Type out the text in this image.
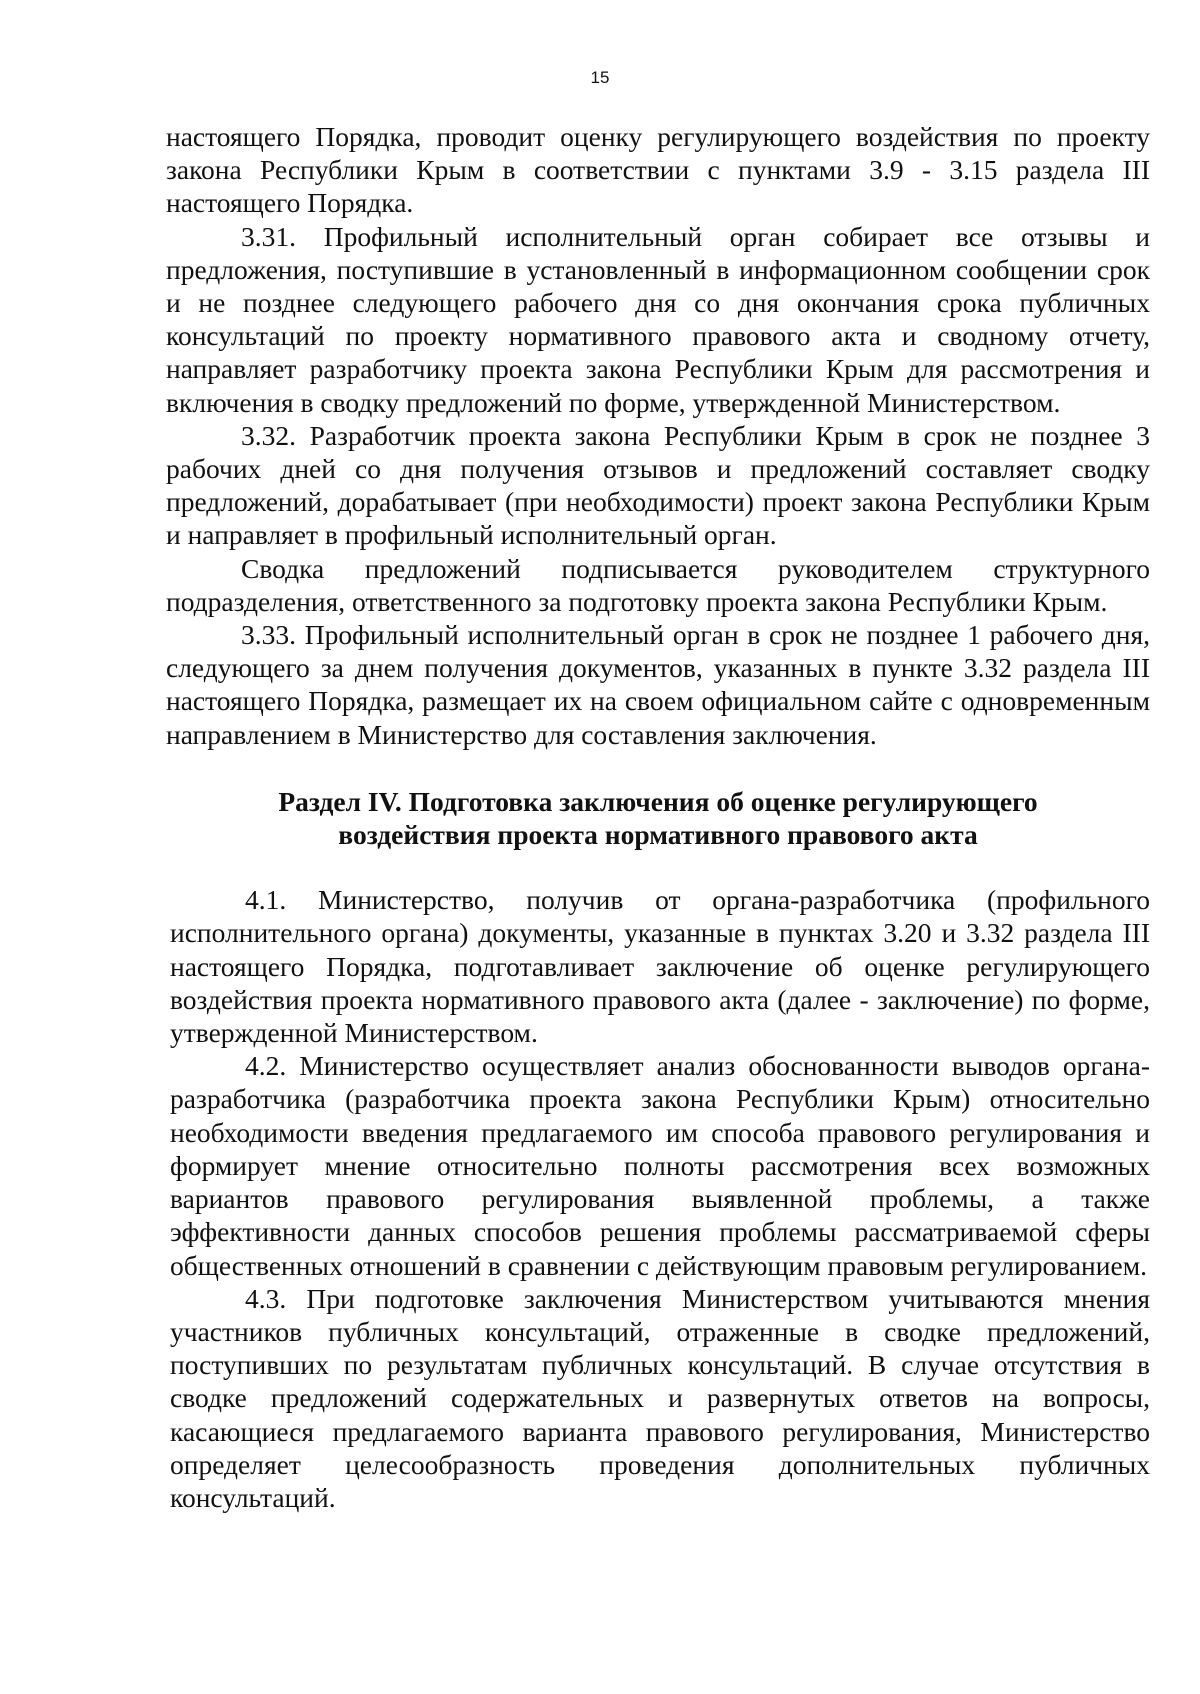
15

настоящего Порядка, проводит оценку регулирующего воздействия по проекту закона Республики Крым в соответствии с пунктами 3.9 - 3.15 раздела III настоящего Порядка.

3.31. Профильный исполнительный орган собирает все отзывы и предложения, поступившие в установленный в информационном сообщении срок и не позднее следующего рабочего дня со дня окончания срока публичных консультаций по проекту нормативного правового акта и сводному отчету, направляет разработчику проекта закона Республики Крым для рассмотрения и включения в сводку предложений по форме, утвержденной Министерством.

3.32. Разработчик проекта закона Республики Крым в срок не позднее 3 рабочих дней со дня получения отзывов и предложений составляет сводку предложений, дорабатывает (при необходимости) проект закона Республики Крым и направляет в профильный исполнительный орган.

Сводка предложений подписывается руководителем структурного подразделения, ответственного за подготовку проекта закона Республики Крым.

3.33. Профильный исполнительный орган в срок не позднее 1 рабочего дня, следующего за днем получения документов, указанных в пункте 3.32 раздела III настоящего Порядка, размещает их на своем официальном сайте с одновременным направлением в Министерство для составления заключения.

Раздел IV. Подготовка заключения об оценке регулирующего
воздействия проекта нормативного правового акта

4.1. Министерство, получив от органа-разработчика (профильного исполнительного органа) документы, указанные в пунктах 3.20 и 3.32 раздела III настоящего Порядка, подготавливает заключение об оценке регулирующего воздействия проекта нормативного правового акта (далее - заключение) по форме, утвержденной Министерством.

4.2. Министерство осуществляет анализ обоснованности выводов органа-разработчика (разработчика проекта закона Республики Крым) относительно необходимости введения предлагаемого им способа правового регулирования и формирует мнение относительно полноты рассмотрения всех возможных вариантов правового регулирования выявленной проблемы, а также эффективности данных способов решения проблемы рассматриваемой сферы общественных отношений в сравнении с действующим правовым регулированием.

4.3. При подготовке заключения Министерством учитываются мнения участников публичных консультаций, отраженные в сводке предложений, поступивших по результатам публичных консультаций. В случае отсутствия в сводке предложений содержательных и развернутых ответов на вопросы, касающиеся предлагаемого варианта правового регулирования, Министерство определяет целесообразность проведения дополнительных публичных консультаций.
